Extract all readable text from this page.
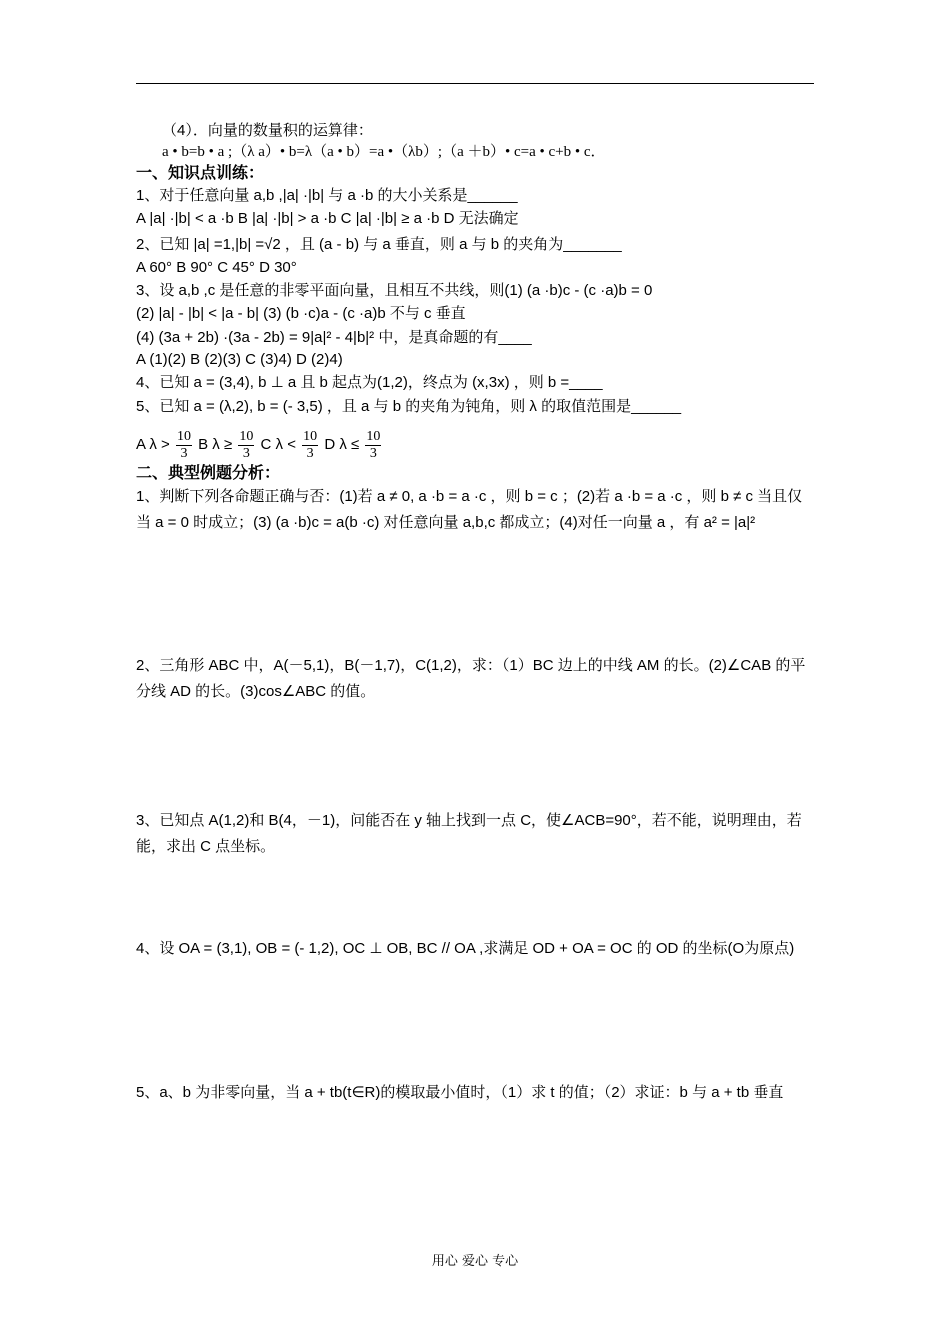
（4）．向量的数量积的运算律：
a • b=b • a ;（λ a）• b=λ（a • b）=a •（λb）;（a ＋b）• c=a • c+b • c．
一、知识点训练：
1、对于任意向量 a,b ,|a| ·|b| 与 a ·b 的大小关系是______
A |a| ·|b| < a ·b B |a| ·|b| > a ·b C |a| ·|b| ≥ a ·b D 无法确定
2、已知 |a| =1,|b| =√2 ，且 (a - b) 与 a 垂直，则 a 与 b 的夹角为_______
A 60° B 90° C 45° D 30°
3、设 a,b ,c 是任意的非零平面向量，且相互不共线，则(1) (a ·b)c - (c ·a)b = 0
(2) |a| - |b| < |a - b| (3) (b ·c)a - (c ·a)b 不与 c 垂直
(4) (3a + 2b) ·(3a - 2b) = 9|a|² - 4|b|² 中，是真命题的有____
A (1)(2) B (2)(3) C (3)4) D (2)4)
4、已知 a = (3,4), b ⊥ a 且 b 起点为(1,2)，终点为 (x,3x) ，则 b =____
5、已知 a = (λ,2), b = (- 3,5) ，且 a 与 b 的夹角为钝角，则 λ 的取值范围是______
A $\lambda > \frac{10}{3}$ B $\lambda \ge \frac{10}{3}$ C $\lambda < \frac{10}{3}$ D $\lambda \le \frac{10}{3}$
二、典型例题分析：
1、判断下列各命题正确与否：(1)若 a ≠ 0, a ·b = a ·c ，则 b = c ；(2)若 a ·b = a ·c ，则 b ≠ c 当且仅当 a = 0 时成立；(3) (a ·b)c = a(b ·c) 对任意向量 a,b,c 都成立；(4)对任一向量 a ，有 a² = |a|²
2、三角形 ABC 中，A(－5,1)，B(－1,7)，C(1,2)，求：（1）BC 边上的中线 AM 的长。(2)∠CAB 的平分线 AD 的长。(3)cos∠ABC 的值。
3、已知点 A(1,2)和 B(4，－1)，问能否在 y 轴上找到一点 C，使∠ACB=90°，若不能，说明理由，若能，求出 C 点坐标。
4、设 OA = (3,1), OB = (- 1,2), OC ⊥ OB, BC // OA ,求满足 OD + OA = OC 的 OD 的坐标(O为原点)
5、a、b 为非零向量，当 a + tb(t∈R)的模取最小值时，（1）求 t 的值；（2）求证：b 与 a + tb 垂直
用心 爱心 专心
